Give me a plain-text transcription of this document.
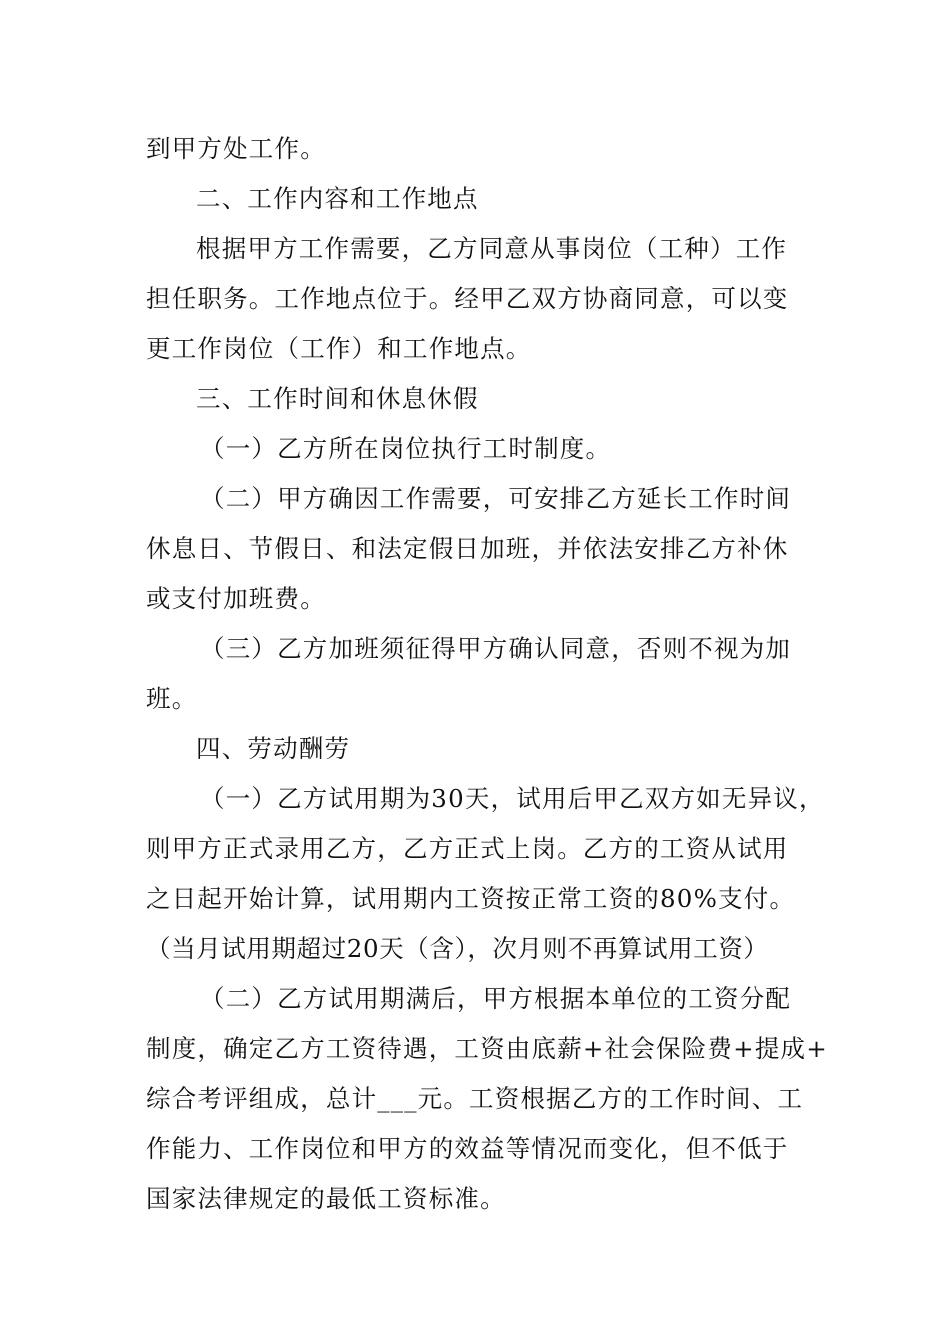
到甲方处工作。
二、工作内容和工作地点
根据甲方工作需要，乙方同意从事岗位（工种）工作
担任职务。工作地点位于。经甲乙双方协商同意，可以变
更工作岗位（工作）和工作地点。
三、工作时间和休息休假
（一）乙方所在岗位执行工时制度。
（二）甲方确因工作需要，可安排乙方延长工作时间
休息日、节假日、和法定假日加班，并依法安排乙方补休
或支付加班费。
（三）乙方加班须征得甲方确认同意，否则不视为加
班。
四、劳动酬劳
（一）乙方试用期为30天，试用后甲乙双方如无异议，
则甲方正式录用乙方，乙方正式上岗。乙方的工资从试用
之日起开始计算，试用期内工资按正常工资的80%支付。
（当月试用期超过20天（含），次月则不再算试用工资）
（二）乙方试用期满后，甲方根据本单位的工资分配
制度，确定乙方工资待遇，工资由底薪+社会保险费+提成+
综合考评组成，总计___元。工资根据乙方的工作时间、工
作能力、工作岗位和甲方的效益等情况而变化，但不低于
国家法律规定的最低工资标准。
